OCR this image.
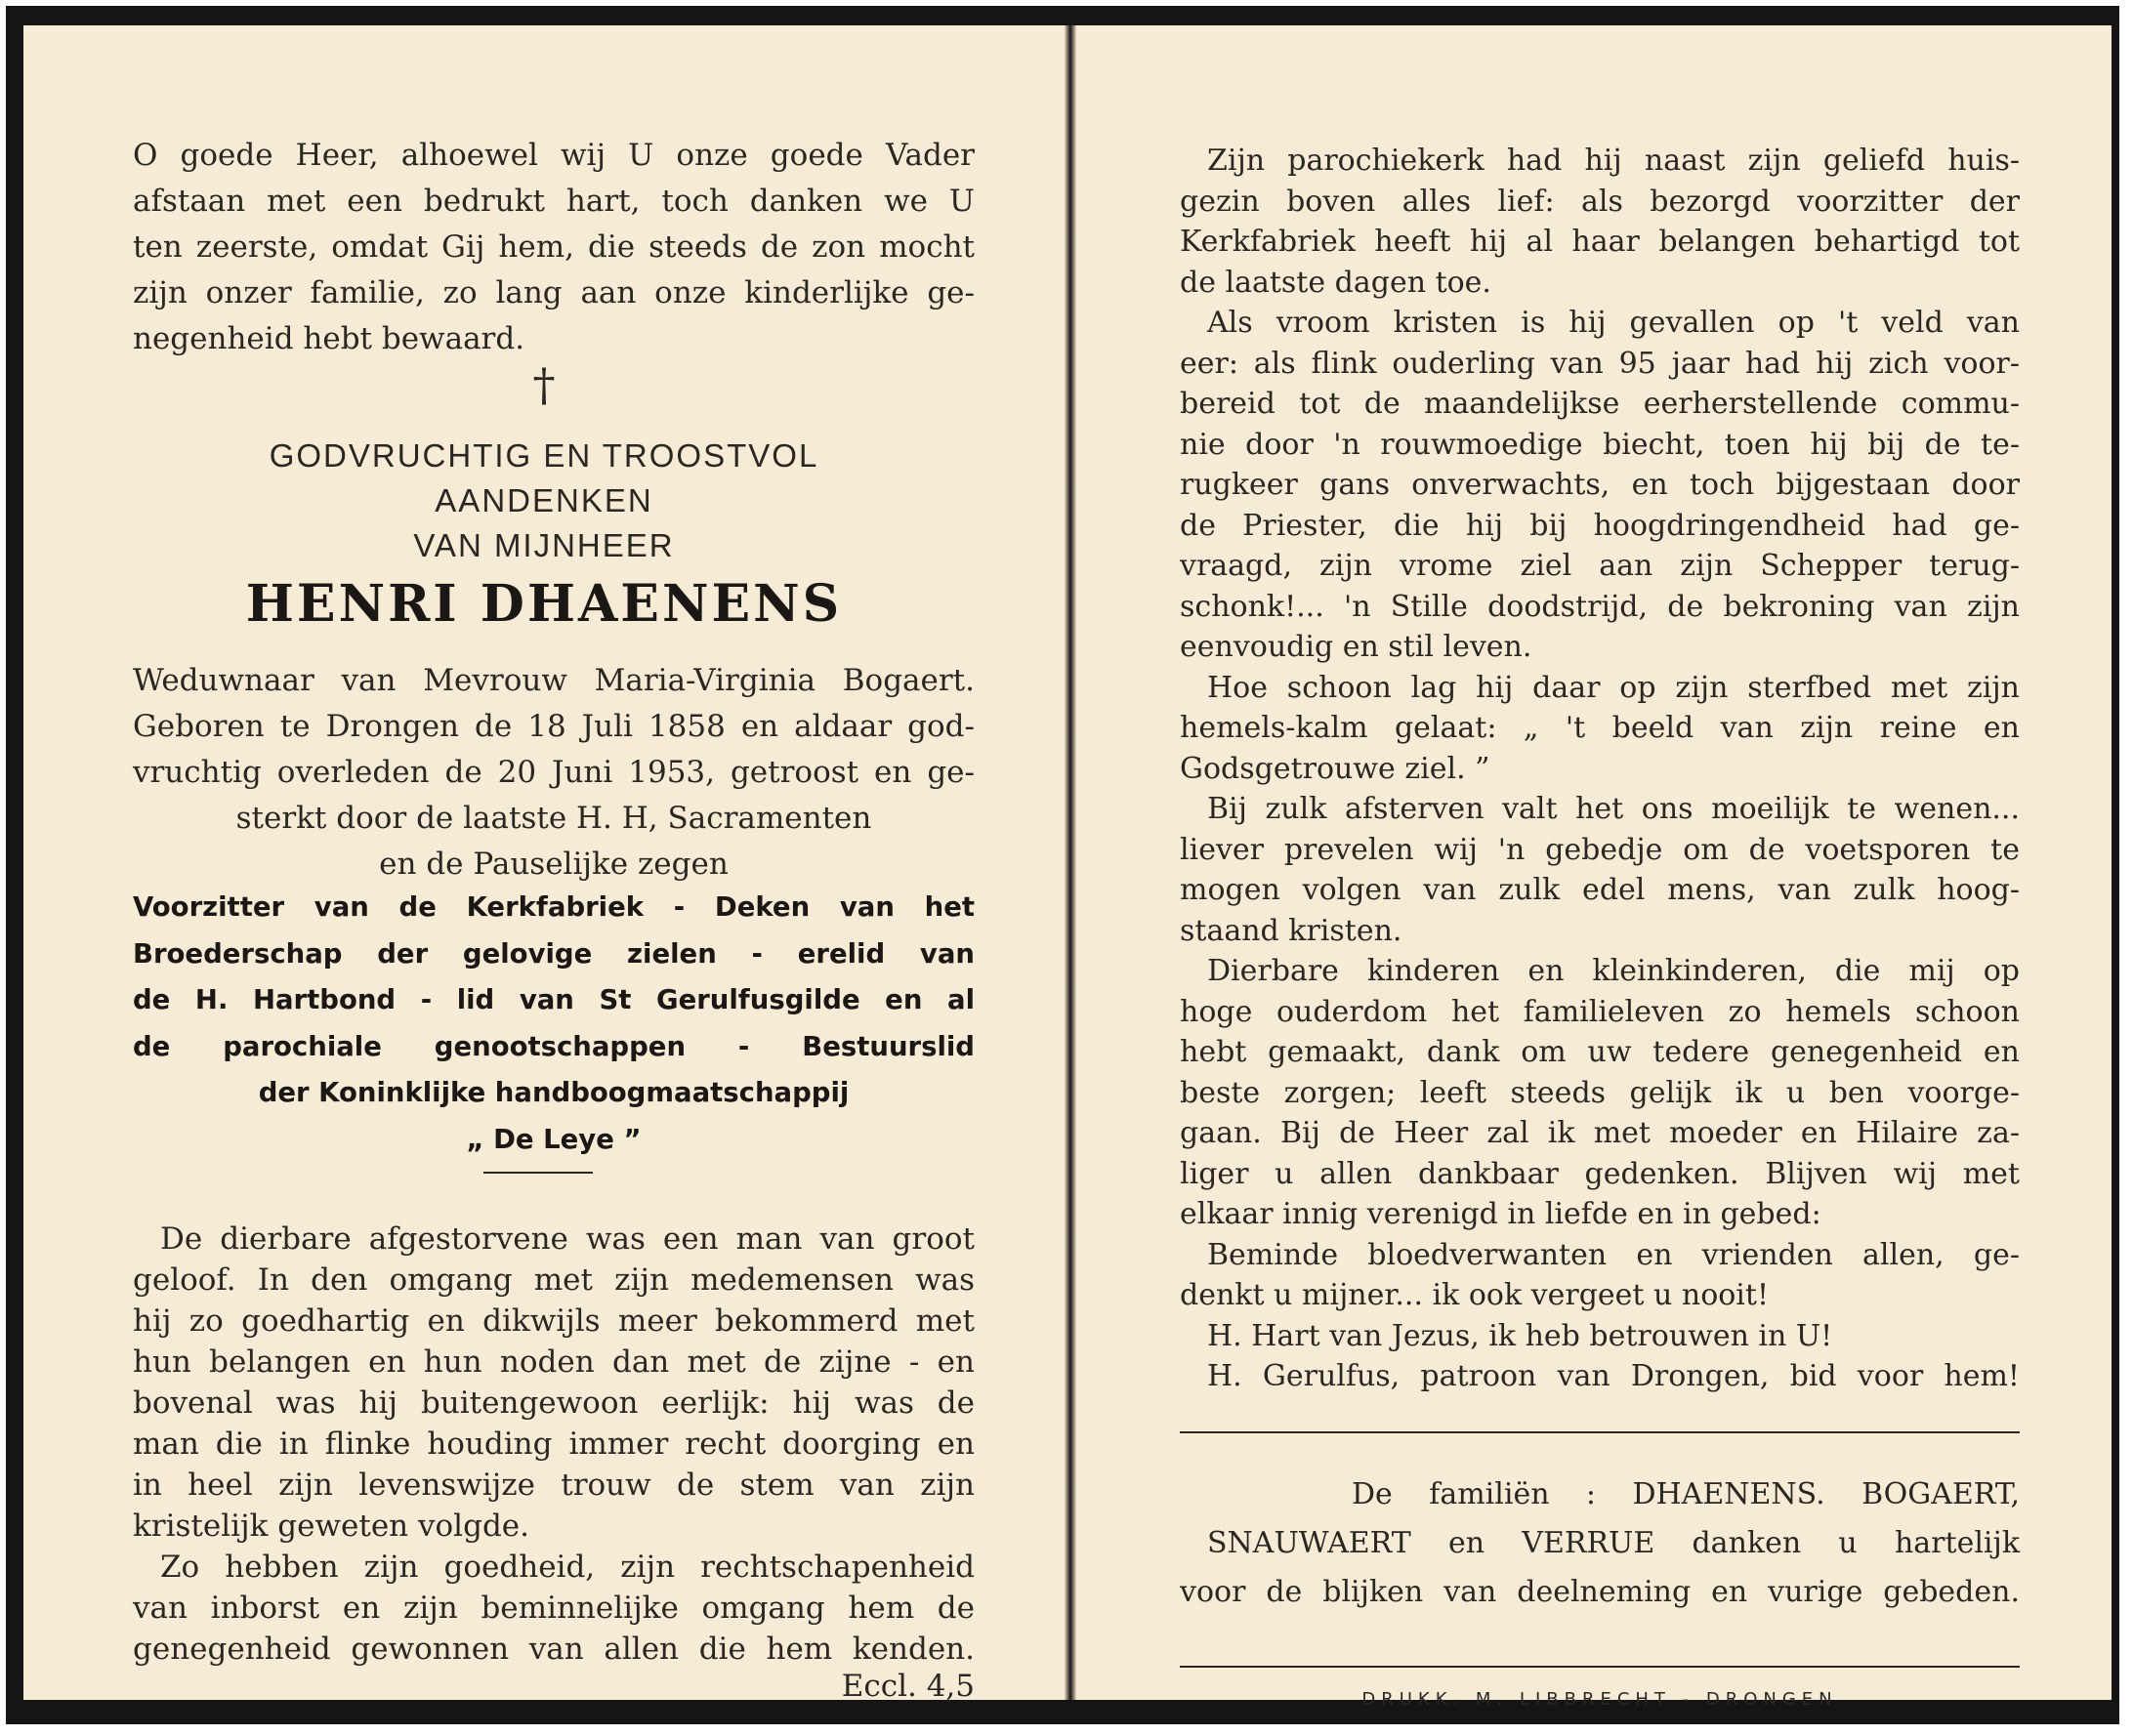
O goede Heer, alhoewel wij U onze goede Vader

afstaan met een bedrukt hart, toch danken we U

ten zeerste, omdat Gij hem, die steeds de zon mocht

zijn onzer familie, zo lang aan onze kinderlijke ge-

negenheid hebt bewaard.

†
GODVRUCHTIG EN TROOSTVOL
AANDENKEN
VAN MIJNHEER
HENRI DHAENENS

Weduwnaar van Mevrouw Maria-Virginia Bogaert.

Geboren te Drongen de 18 Juli 1858 en aldaar god-

vruchtig overleden de 20 Juni 1953, getroost en ge-

sterkt door de laatste H. H, Sacramenten

en de Pauselijke zegen

Voorzitter van de Kerkfabriek - Deken van het

Broederschap der gelovige zielen - erelid van

de H. Hartbond - lid van St Gerulfusgilde en al

de parochiale genootschappen - Bestuurslid

der Koninklijke handboogmaatschappij

„ De Leye ”

De dierbare afgestorvene was een man van groot

geloof. In den omgang met zijn medemensen was

hij zo goedhartig en dikwijls meer bekommerd met

hun belangen en hun noden dan met de zijne - en

bovenal was hij buitengewoon eerlijk: hij was de

man die in flinke houding immer recht doorging en

in heel zijn levenswijze trouw de stem van zijn

kristelijk geweten volgde.

Zo hebben zijn goedheid, zijn rechtschapenheid

van inborst en zijn beminnelijke omgang hem de

genegenheid gewonnen van allen die hem kenden.

Eccl. 4,5

Zijn parochiekerk had hij naast zijn geliefd huis-

gezin boven alles lief: als bezorgd voorzitter der

Kerkfabriek heeft hij al haar belangen behartigd tot

de laatste dagen toe.

Als vroom kristen is hij gevallen op 't veld van

eer: als flink ouderling van 95 jaar had hij zich voor-

bereid tot de maandelijkse eerherstellende commu-

nie door 'n rouwmoedige biecht, toen hij bij de te-

rugkeer gans onverwachts, en toch bijgestaan door

de Priester, die hij bij hoogdringendheid had ge-

vraagd, zijn vrome ziel aan zijn Schepper terug-

schonk!... 'n Stille doodstrijd, de bekroning van zijn

eenvoudig en stil leven.

Hoe schoon lag hij daar op zijn sterfbed met zijn

hemels-kalm gelaat: „ 't beeld van zijn reine en

Godsgetrouwe ziel. ”

Bij zulk afsterven valt het ons moeilijk te wenen...

liever prevelen wij 'n gebedje om de voetsporen te

mogen volgen van zulk edel mens, van zulk hoog-

staand kristen.

Dierbare kinderen en kleinkinderen, die mij op

hoge ouderdom het familieleven zo hemels schoon

hebt gemaakt, dank om uw tedere genegenheid en

beste zorgen; leeft steeds gelijk ik u ben voorge-

gaan. Bij de Heer zal ik met moeder en Hilaire za-

liger u allen dankbaar gedenken. Blijven wij met

elkaar innig verenigd in liefde en in gebed:

Beminde bloedverwanten en vrienden allen, ge-

denkt u mijner... ik ook vergeet u nooit!

H. Hart van Jezus, ik heb betrouwen in U!

H. Gerulfus, patroon van Drongen, bid voor hem!

De familiën : DHAENENS. BOGAERT,

SNAUWAERT en VERRUE danken u hartelijk

voor de blijken van deelneming en vurige gebeden.

DRUKK. M. LIBBRECHT - DRONGEN
